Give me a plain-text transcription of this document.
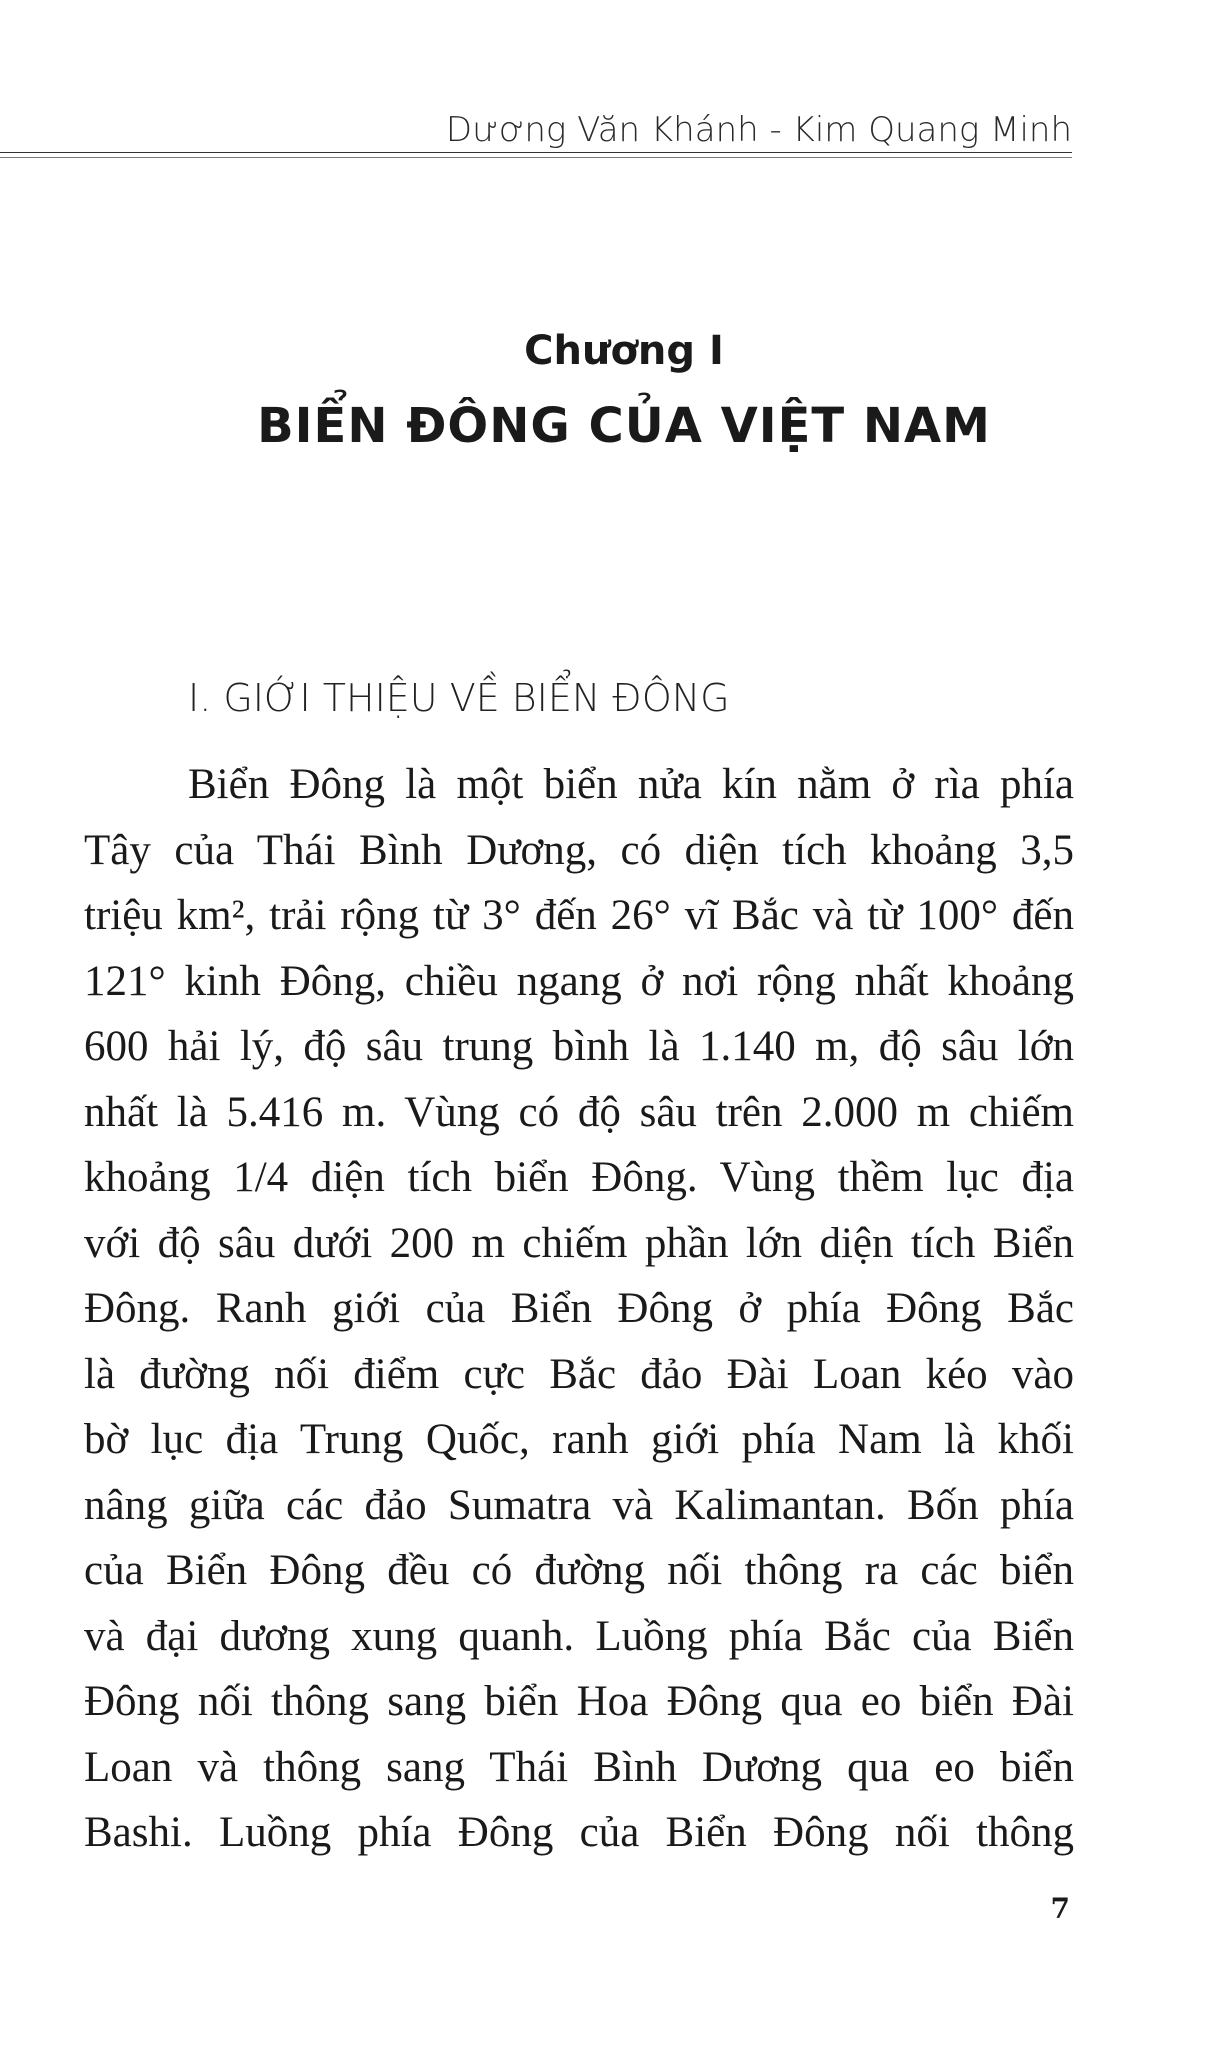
Dương Văn Khánh - Kim Quang Minh
Chương I
BIỂN ĐÔNG CỦA VIỆT NAM
I. GIỚI THIỆU VỀ BIỂN ĐÔNG
Biển Đông là một biển nửa kín nằm ở rìa phía
Tây của Thái Bình Dương, có diện tích khoảng 3,5
triệu km², trải rộng từ 3° đến 26° vĩ Bắc và từ 100° đến
121° kinh Đông, chiều ngang ở nơi rộng nhất khoảng
600 hải lý, độ sâu trung bình là 1.140 m, độ sâu lớn
nhất là 5.416 m. Vùng có độ sâu trên 2.000 m chiếm
khoảng 1/4 diện tích biển Đông. Vùng thềm lục địa
với độ sâu dưới 200 m chiếm phần lớn diện tích Biển
Đông. Ranh giới của Biển Đông ở phía Đông Bắc
là đường nối điểm cực Bắc đảo Đài Loan kéo vào
bờ lục địa Trung Quốc, ranh giới phía Nam là khối
nâng giữa các đảo Sumatra và Kalimantan. Bốn phía
của Biển Đông đều có đường nối thông ra các biển
và đại dương xung quanh. Luồng phía Bắc của Biển
Đông nối thông sang biển Hoa Đông qua eo biển Đài
Loan và thông sang Thái Bình Dương qua eo biển
Bashi. Luồng phía Đông của Biển Đông nối thông
7
